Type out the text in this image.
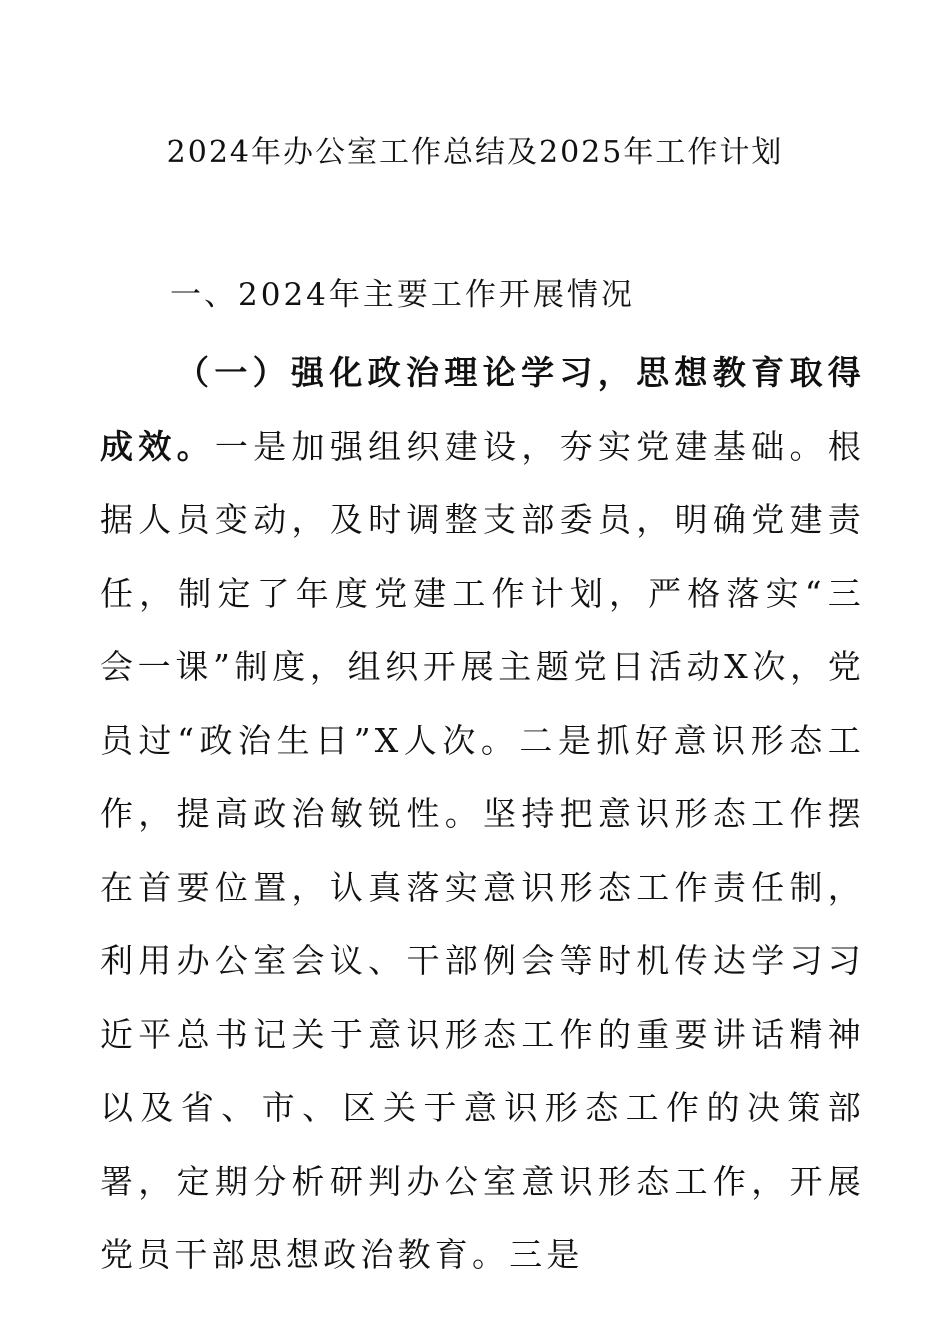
2024年办公室工作总结及2025年工作计划
一、2024年主要工作开展情况

（一）强化政治理论学习，思想教育取得成效。一是加强组织建设，夯实党建基础。根据人员变动，及时调整支部委员，明确党建责任，制定了年度党建工作计划，严格落实“三会一课”制度，组织开展主题党日活动X次，党员过“政治生日”X人次。二是抓好意识形态工作，提高政治敏锐性。坚持把意识形态工作摆在首要位置，认真落实意识形态工作责任制，利用办公室会议、干部例会等时机传达学习习近平总书记关于意识形态工作的重要讲话精神以及省、市、区关于意识形态工作的决策部署，定期分析研判办公室意识形态工作，开展党员干部思想政治教育。三是
